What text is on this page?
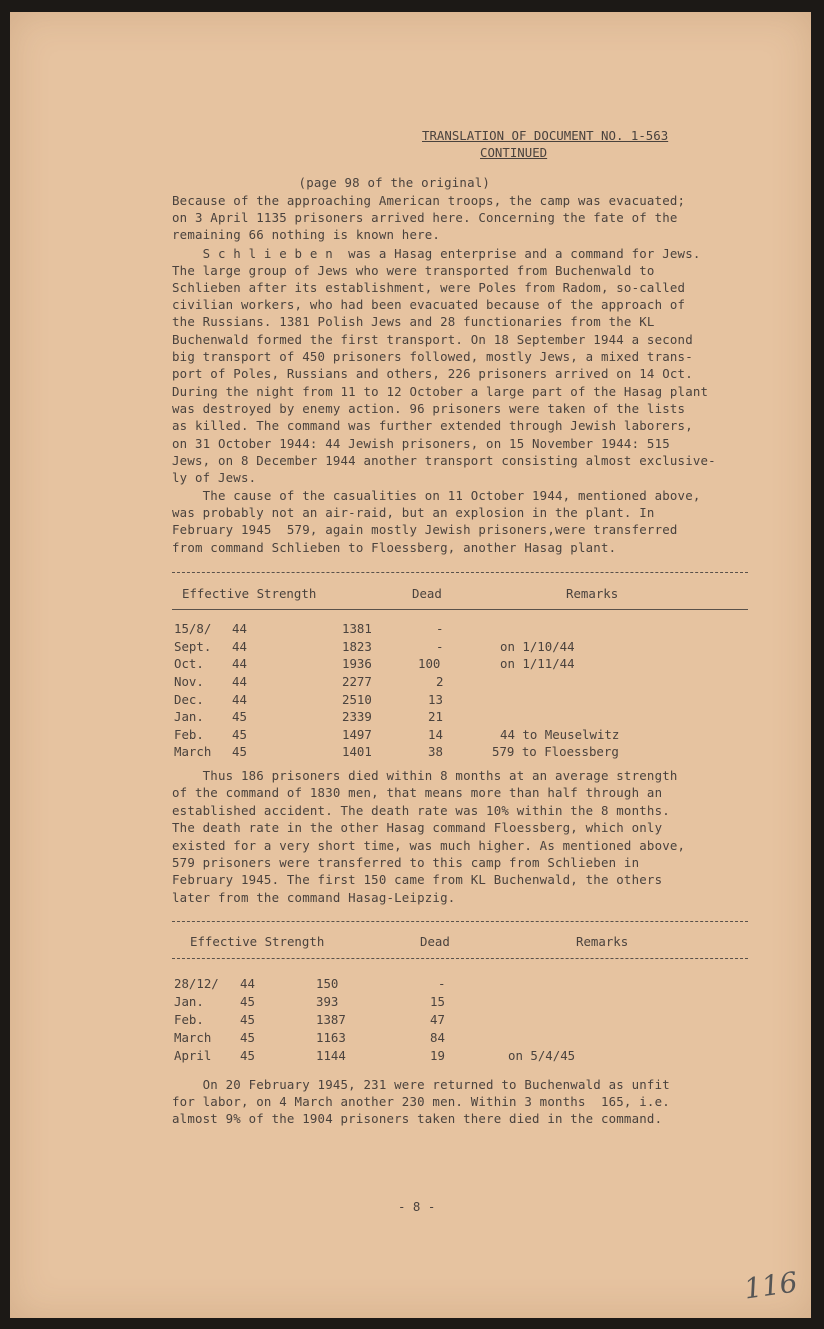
TRANSLATION OF DOCUMENT NO. 1-563
CONTINUED
(page 98 of the original)
Because of the approaching American troops, the camp was evacuated;
on 3 April 1135 prisoners arrived here. Concerning the fate of the
remaining 66 nothing is known here.
S c h l i e b e n  was a Hasag enterprise and a command for Jews.
The large group of Jews who were transported from Buchenwald to
Schlieben after its establishment, were Poles from Radom, so-called
civilian workers, who had been evacuated because of the approach of
the Russians. 1381 Polish Jews and 28 functionaries from the KL
Buchenwald formed the first transport. On 18 September 1944 a second
big transport of 450 prisoners followed, mostly Jews, a mixed trans-
port of Poles, Russians and others, 226 prisoners arrived on 14 Oct.
During the night from 11 to 12 October a large part of the Hasag plant
was destroyed by enemy action. 96 prisoners were taken of the lists
as killed. The command was further extended through Jewish laborers,
on 31 October 1944: 44 Jewish prisoners, on 15 November 1944: 515
Jews, on 8 December 1944 another transport consisting almost exclusive-
ly of Jews.
The cause of the casualities on 11 October 1944, mentioned above,
was probably not an air-raid, but an explosion in the plant. In
February 1945  579, again mostly Jewish prisoners,were transferred
from command Schlieben to Floessberg, another Hasag plant.
Effective Strength	Dead	Remarks
15/8/ 44	1381	-
Sept. 44	1823	-	on 1/10/44
Oct. 44	1936	100	on 1/11/44
Nov. 44	2277	2
Dec. 44	2510	13
Jan. 45	2339	21
Feb. 45	1497	14	44 to Meuselwitz
March 45	1401	38	579 to Floessberg
Thus 186 prisoners died within 8 months at an average strength
of the command of 1830 men, that means more than half through an
established accident. The death rate was 10% within the 8 months.
The death rate in the other Hasag command Floessberg, which only
existed for a very short time, was much higher. As mentioned above,
579 prisoners were transferred to this camp from Schlieben in
February 1945. The first 150 came from KL Buchenwald, the others
later from the command Hasag-Leipzig.
Effective Strength	Dead	Remarks
28/12/ 44	150	-
Jan.	45	393	15
Feb.	45	1387	47
March 45	1163	84
April 45	1144	19	on 5/4/45
On 20 February 1945, 231 were returned to Buchenwald as unfit
for labor, on 4 March another 230 men. Within 3 months  165, i.e.
almost 9% of the 1904 prisoners taken there died in the command.
- 8 -
116
